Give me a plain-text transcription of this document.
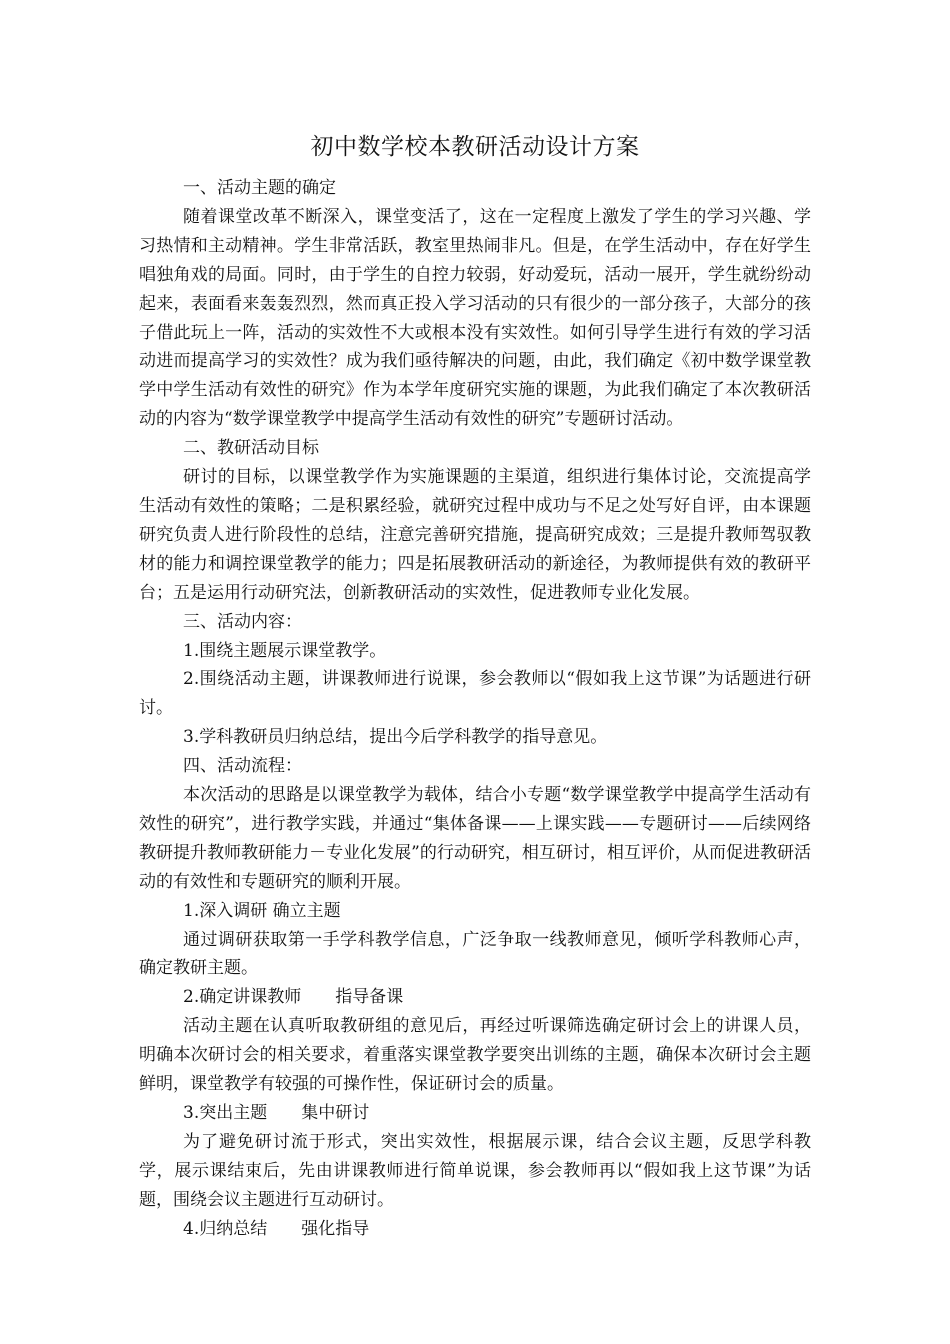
初中数学校本教研活动设计方案

一、活动主题的确定

随着课堂改革不断深入，课堂变活了，这在一定程度上激发了学生的学习兴趣、学习热情和主动精神。学生非常活跃，教室里热闹非凡。但是，在学生活动中，存在好学生唱独角戏的局面。同时，由于学生的自控力较弱，好动爱玩，活动一展开，学生就纷纷动起来，表面看来轰轰烈烈，然而真正投入学习活动的只有很少的一部分孩子，大部分的孩子借此玩上一阵，活动的实效性不大或根本没有实效性。如何引导学生进行有效的学习活动进而提高学习的实效性？成为我们亟待解决的问题，由此，我们确定《初中数学课堂教学中学生活动有效性的研究》作为本学年度研究实施的课题，为此我们确定了本次教研活动的内容为“数学课堂教学中提高学生活动有效性的研究”专题研讨活动。

二、教研活动目标

研讨的目标，以课堂教学作为实施课题的主渠道，组织进行集体讨论，交流提高学生活动有效性的策略；二是积累经验，就研究过程中成功与不足之处写好自评，由本课题研究负责人进行阶段性的总结，注意完善研究措施，提高研究成效；三是提升教师驾驭教材的能力和调控课堂教学的能力；四是拓展教研活动的新途径，为教师提供有效的教研平台；五是运用行动研究法，创新教研活动的实效性，促进教师专业化发展。

三、活动内容：

1.围绕主题展示课堂教学。

2.围绕活动主题，讲课教师进行说课，参会教师以“假如我上这节课”为话题进行研讨。

3.学科教研员归纳总结，提出今后学科教学的指导意见。

四、活动流程：

本次活动的思路是以课堂教学为载体，结合小专题“数学课堂教学中提高学生活动有效性的研究”，进行教学实践，并通过“集体备课——上课实践——专题研讨——后续网络教研提升教师教研能力－专业化发展”的行动研究，相互研讨，相互评价，从而促进教研活动的有效性和专题研究的顺利开展。

1.深入调研 确立主题

通过调研获取第一手学科教学信息，广泛争取一线教师意见，倾听学科教师心声，确定教研主题。

2.确定讲课教师　　指导备课

活动主题在认真听取教研组的意见后，再经过听课筛选确定研讨会上的讲课人员，明确本次研讨会的相关要求，着重落实课堂教学要突出训练的主题，确保本次研讨会主题鲜明，课堂教学有较强的可操作性，保证研讨会的质量。

3.突出主题　　集中研讨

为了避免研讨流于形式，突出实效性，根据展示课，结合会议主题，反思学科教学，展示课结束后，先由讲课教师进行简单说课，参会教师再以“假如我上这节课”为话题，围绕会议主题进行互动研讨。

4.归纳总结　　强化指导
